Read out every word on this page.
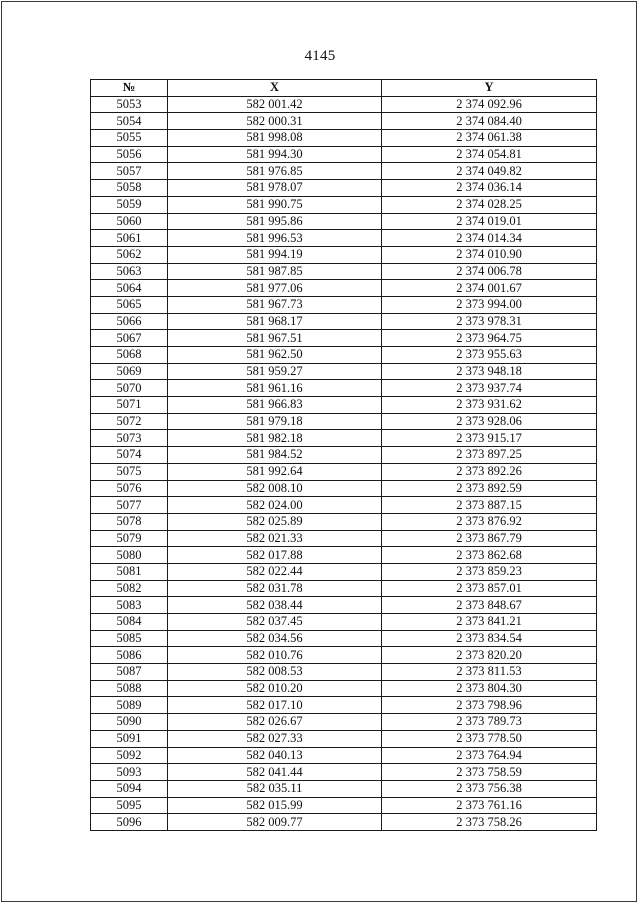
4145
№	X	Y
5053	582 001.42	2 374 092.96
5054	582 000.31	2 374 084.40
5055	581 998.08	2 374 061.38
5056	581 994.30	2 374 054.81
5057	581 976.85	2 374 049.82
5058	581 978.07	2 374 036.14
5059	581 990.75	2 374 028.25
5060	581 995.86	2 374 019.01
5061	581 996.53	2 374 014.34
5062	581 994.19	2 374 010.90
5063	581 987.85	2 374 006.78
5064	581 977.06	2 374 001.67
5065	581 967.73	2 373 994.00
5066	581 968.17	2 373 978.31
5067	581 967.51	2 373 964.75
5068	581 962.50	2 373 955.63
5069	581 959.27	2 373 948.18
5070	581 961.16	2 373 937.74
5071	581 966.83	2 373 931.62
5072	581 979.18	2 373 928.06
5073	581 982.18	2 373 915.17
5074	581 984.52	2 373 897.25
5075	581 992.64	2 373 892.26
5076	582 008.10	2 373 892.59
5077	582 024.00	2 373 887.15
5078	582 025.89	2 373 876.92
5079	582 021.33	2 373 867.79
5080	582 017.88	2 373 862.68
5081	582 022.44	2 373 859.23
5082	582 031.78	2 373 857.01
5083	582 038.44	2 373 848.67
5084	582 037.45	2 373 841.21
5085	582 034.56	2 373 834.54
5086	582 010.76	2 373 820.20
5087	582 008.53	2 373 811.53
5088	582 010.20	2 373 804.30
5089	582 017.10	2 373 798.96
5090	582 026.67	2 373 789.73
5091	582 027.33	2 373 778.50
5092	582 040.13	2 373 764.94
5093	582 041.44	2 373 758.59
5094	582 035.11	2 373 756.38
5095	582 015.99	2 373 761.16
5096	582 009.77	2 373 758.26
